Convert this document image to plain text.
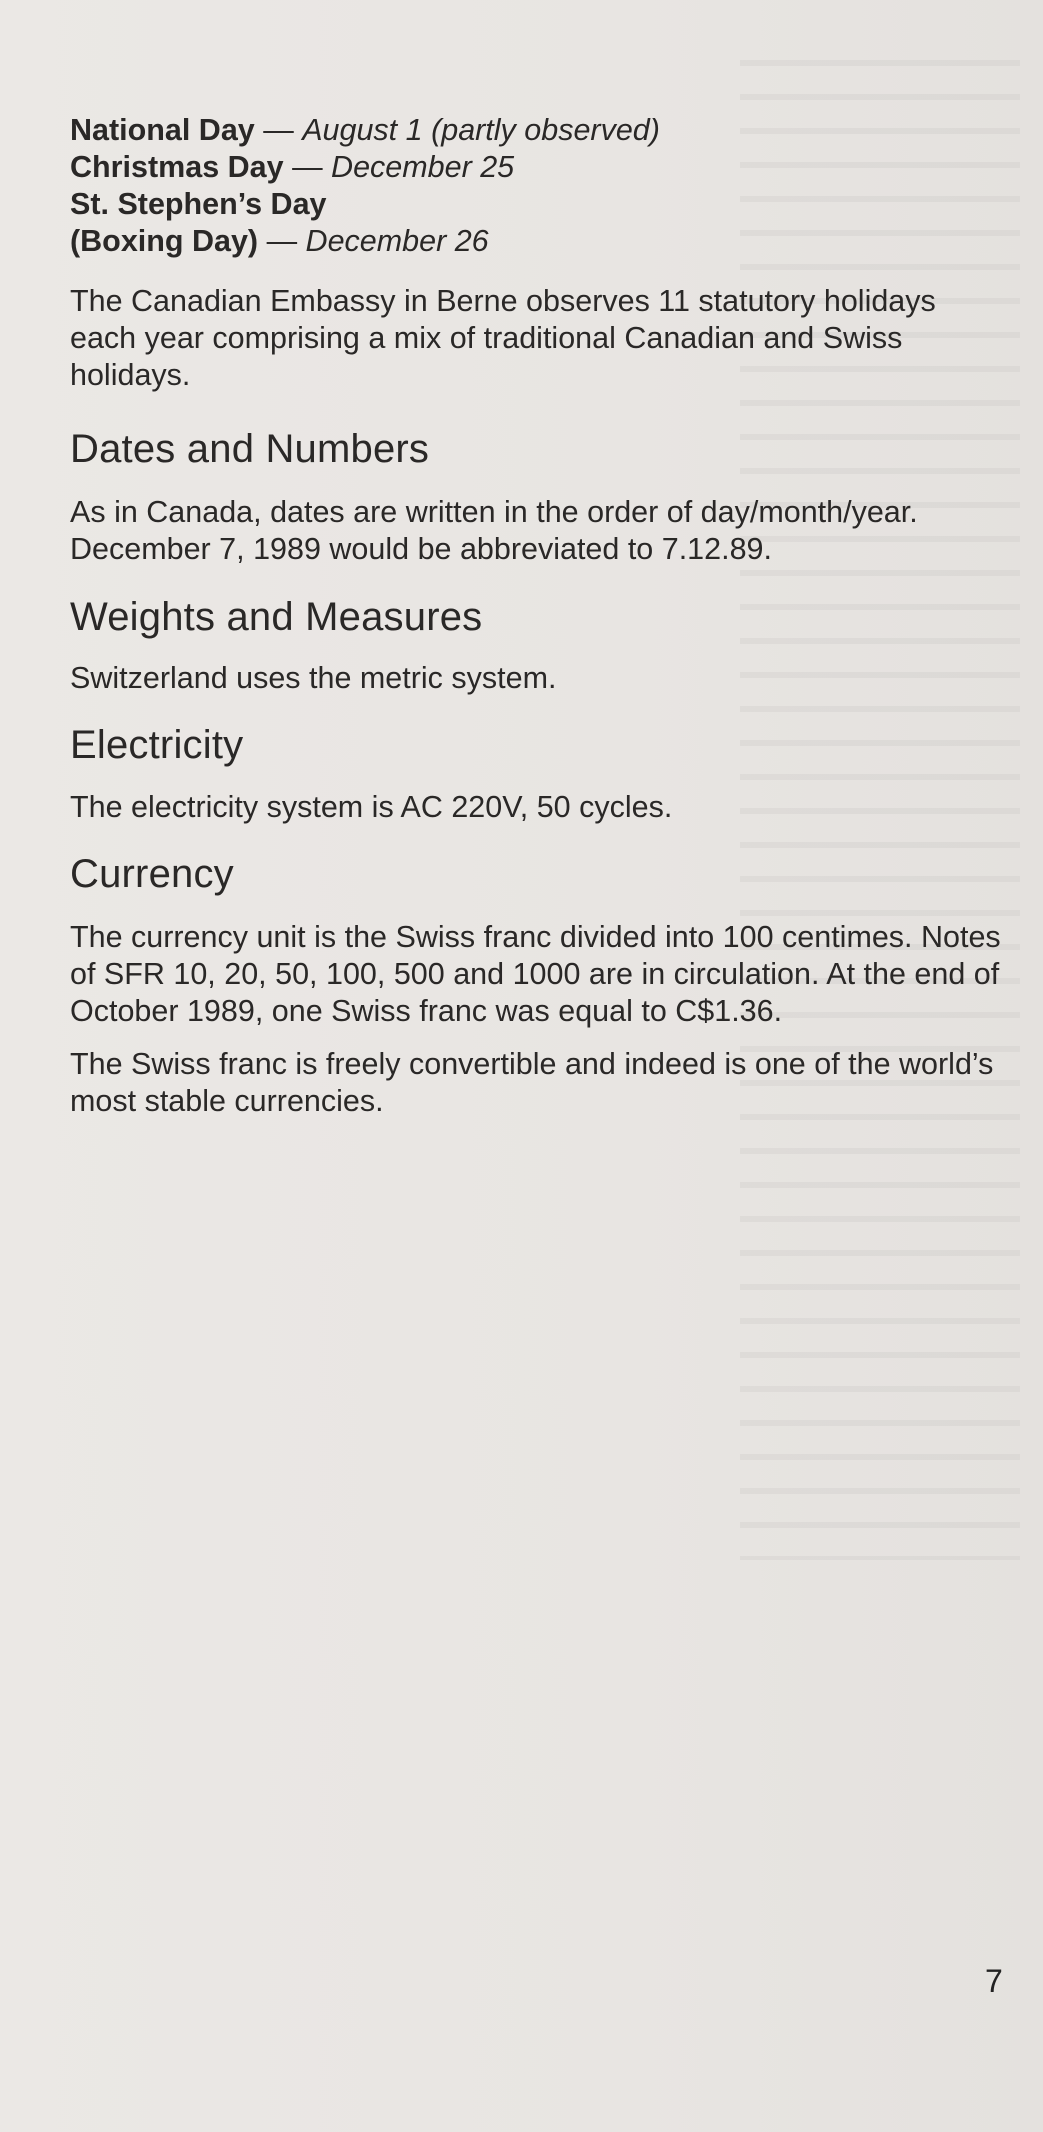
National Day — August 1 (partly observed)
Christmas Day — December 25
St. Stephen’s Day
(Boxing Day) — December 26

The Canadian Embassy in Berne observes 11 statutory holidays each year comprising a mix of traditional Canadian and Swiss holidays.

Dates and Numbers

As in Canada, dates are written in the order of day/month/year. December 7, 1989 would be abbreviated to 7.12.89.

Weights and Measures

Switzerland uses the metric system.

Electricity

The electricity system is AC 220V, 50 cycles.

Currency

The currency unit is the Swiss franc divided into 100 centimes. Notes of SFR 10, 20, 50, 100, 500 and 1000 are in circulation. At the end of October 1989, one Swiss franc was equal to C$1.36.

The Swiss franc is freely convertible and indeed is one of the world’s most stable currencies.

7
